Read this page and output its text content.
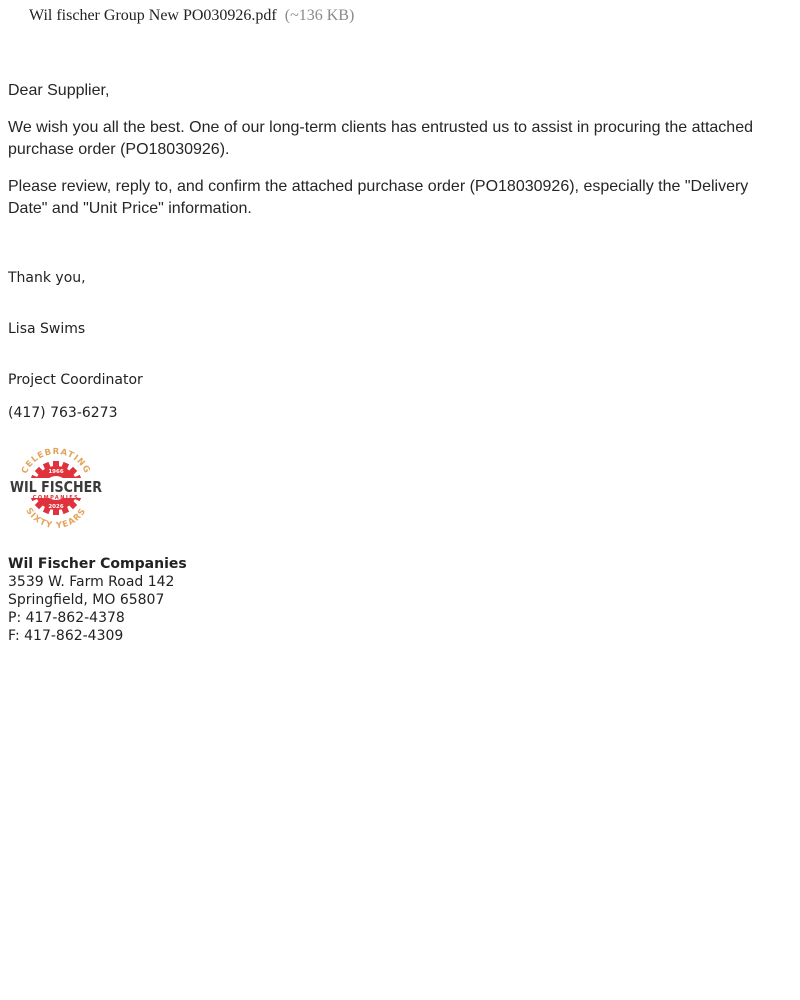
Wil fischer Group New PO030926.pdf (~136 KB)

Dear Supplier,

We wish you all the best. One of our long-term clients has entrusted us to assist in procuring the attached purchase order (PO18030926).

Please review, reply to, and confirm the attached purchase order (PO18030926), especially the "Delivery Date" and "Unit Price" information.

Thank you,

Lisa Swims

Project Coordinator

(417) 763-6273

CELEBRATING
SIXTY YEARS
1966
2026
WIL FISCHER
COMPANIES
Wil Fischer Companies
3539 W. Farm Road 142
Springfield, MO 65807
P: 417-862-4378
F: 417-862-4309
